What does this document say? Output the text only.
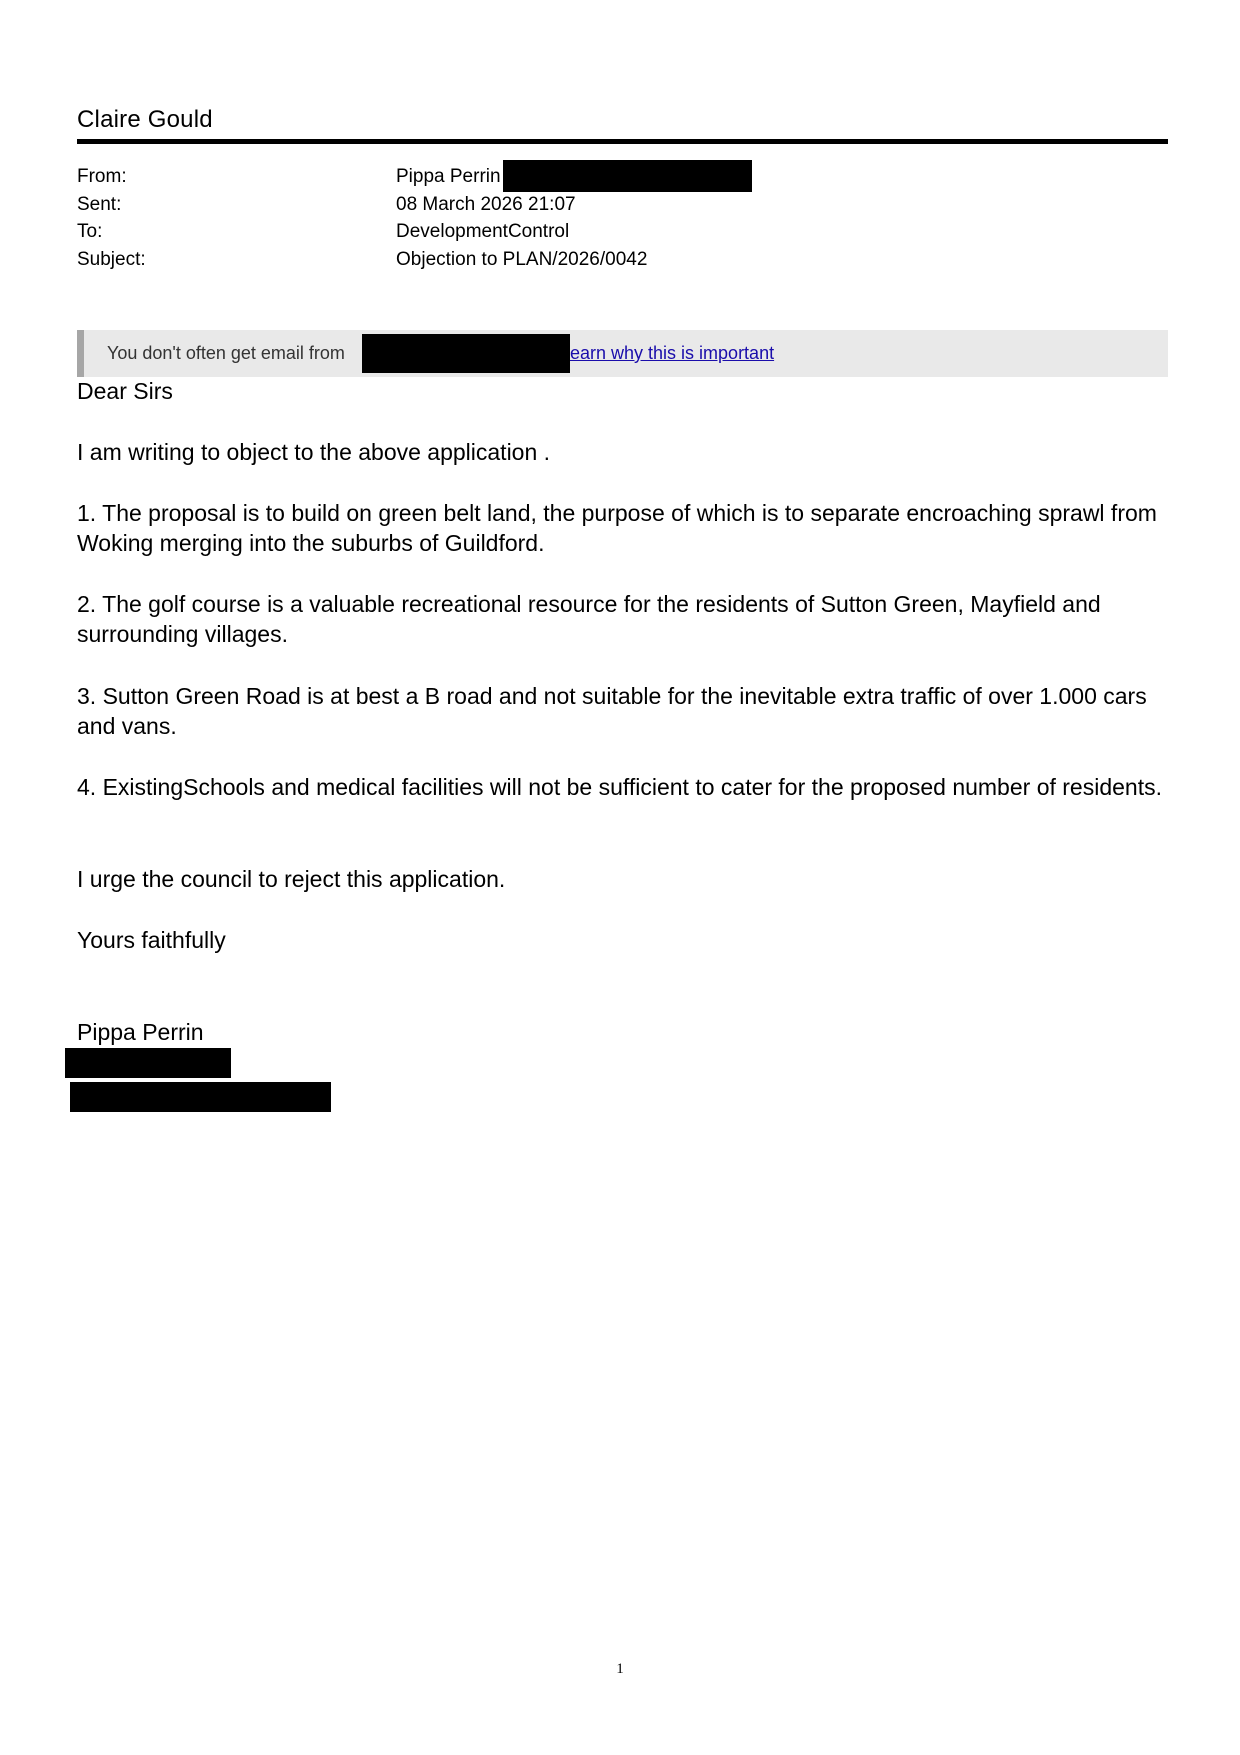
Claire Gould
From:	Pippa Perrin
Sent:	08 March 2026 21:07
To:	DevelopmentControl
Subject:	Objection to PLAN/2026/0042
You don't often get email from	earn why this is important
Dear Sirs
I am writing to object to the above application .
1. The proposal is to build on green belt land, the purpose of which is to separate encroaching sprawl from Woking merging into the suburbs of Guildford.
2. The golf course is a valuable recreational resource for the residents of Sutton Green, Mayfield and surrounding villages.
3. Sutton Green Road is at best a B road and not suitable for the inevitable extra traffic of over 1.000 cars and vans.
4. ExistingSchools and medical facilities will not be sufficient to cater for the proposed number of residents.
I urge the council to reject this application.
Yours faithfully
Pippa Perrin
1
